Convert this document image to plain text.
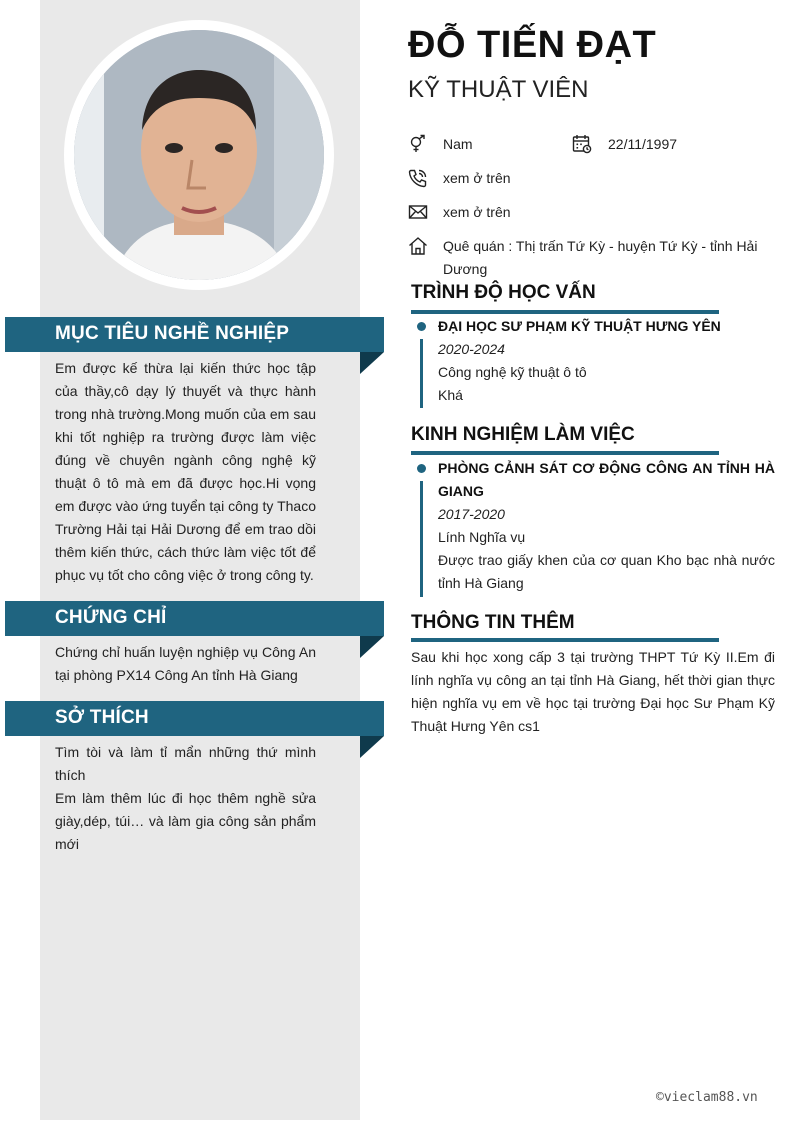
MỤC TIÊU NGHỀ NGHIỆP
Em được kế thừa lại kiến thức học tập của thầy,cô dạy lý thuyết và thực hành trong nhà trường.Mong muốn của em sau khi tốt nghiệp ra trường được làm việc đúng về chuyên ngành công nghệ kỹ thuật ô tô mà em đã được học.Hi vọng em được vào ứng tuyển tại công ty Thaco Trường Hải tại Hải Dương để em trao dồi thêm kiến thức, cách thức làm việc tốt để phục vụ tốt cho công việc ở trong công ty.
CHỨNG CHỈ
Chứng chỉ huấn luyện nghiệp vụ Công An tại phòng PX14 Công An tỉnh Hà Giang
SỞ THÍCH
Tìm tòi và làm tỉ mẩn những thứ mình thích
Em làm thêm lúc đi học thêm nghề sửa giày,dép, túi… và làm gia công sản phẩm mới
ĐỖ TIẾN ĐẠT
KỸ THUẬT VIÊN
Nam	22/11/1997
xem ở trên
xem ở trên
Quê quán : Thị trấn Tứ Kỳ - huyện Tứ Kỳ - tỉnh Hải Dương
TRÌNH ĐỘ HỌC VẤN
ĐẠI HỌC SƯ PHẠM KỸ THUẬT HƯNG YÊN
2020-2024
Công nghệ kỹ thuật ô tô
Khá
KINH NGHIỆM LÀM VIỆC
PHÒNG CẢNH SÁT CƠ ĐỘNG CÔNG AN TỈNH HÀ GIANG
2017-2020
Lính Nghĩa vụ
Được trao giấy khen của cơ quan Kho bạc nhà nước tỉnh Hà Giang
THÔNG TIN THÊM
Sau khi học xong cấp 3 tại trường THPT Tứ Kỳ II.Em đi lính nghĩa vụ công an tại tỉnh Hà Giang, hết thời gian thực hiện nghĩa vụ em về học tại trường Đại học Sư Phạm Kỹ Thuật Hưng Yên cs1
©vieclam88.vn
